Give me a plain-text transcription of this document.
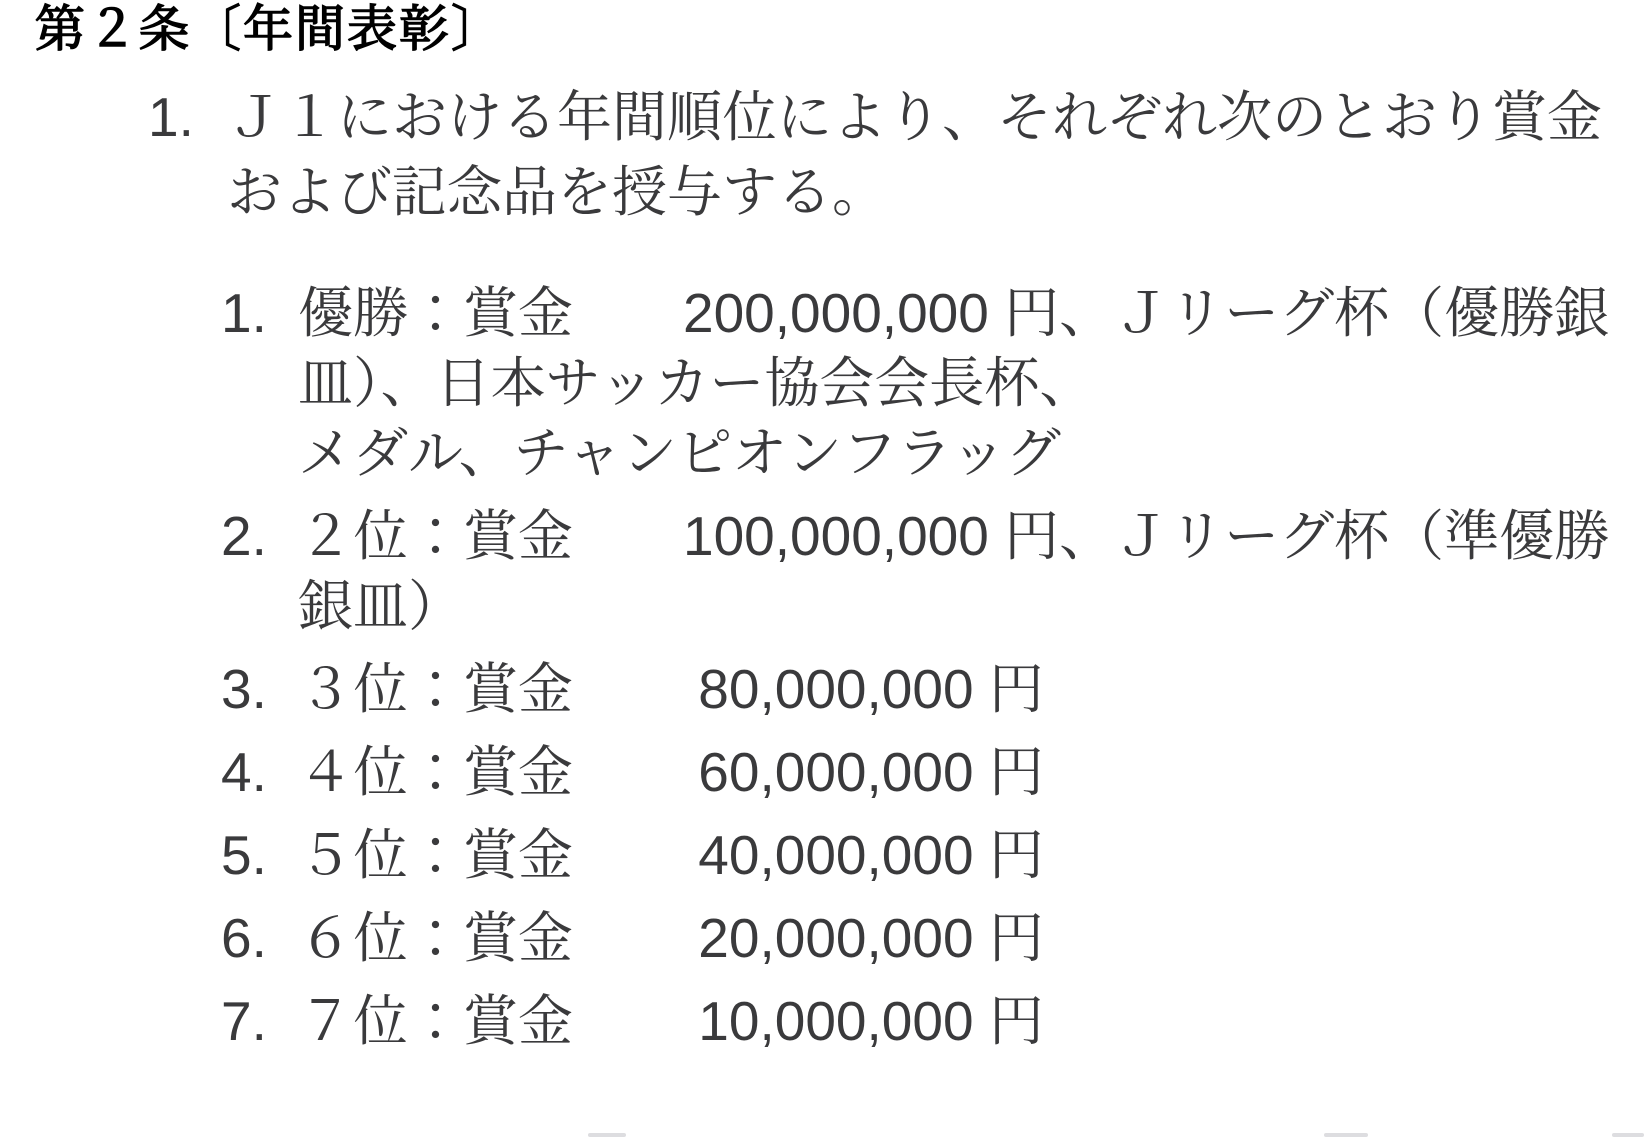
第２条〔年間表彰〕
1. Ｊ１における年間順位により、それぞれ次のとおり賞金
および記念品を授与する。
1. 優勝：賞金　　200,000,000 円、Ｊリーグ杯（優勝銀
皿）、日本サッカー協会会長杯、
メダル、チャンピオンフラッグ
2. ２位：賞金　　100,000,000 円、Ｊリーグ杯（準優勝
銀皿）
3. ３位：賞金　　 80,000,000 円
4. ４位：賞金　　 60,000,000 円
5. ５位：賞金　　 40,000,000 円
6. ６位：賞金　　 20,000,000 円
7. ７位：賞金　　 10,000,000 円
